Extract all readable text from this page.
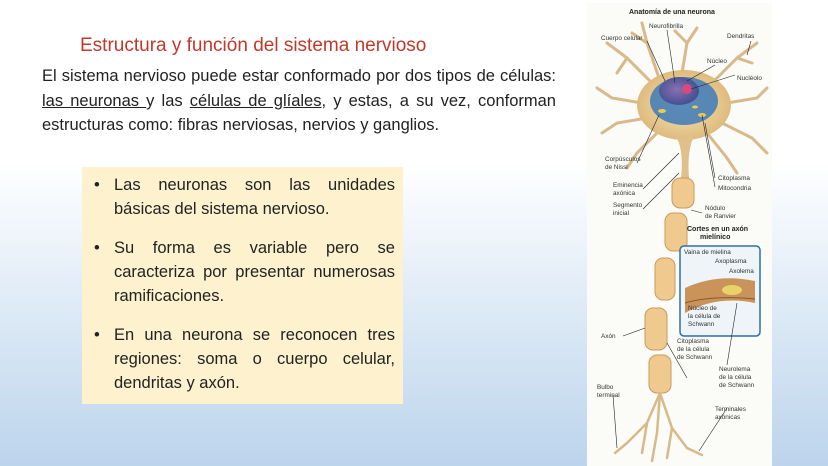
Estructura y función del sistema nervioso
El sistema nervioso puede estar conformado por dos tipos de células: las neuronas y las células de glíales, y estas, a su vez, conforman estructuras como: fibras nerviosas, nervios y ganglios.
• Las neuronas son las unidades básicas del sistema nervioso.
• Su forma es variable pero se caracteriza por presentar numerosas ramificaciones.
• En una neurona se reconocen tres regiones: soma o cuerpo celular, dendritas y axón.
Anatomía de una neurona
Neurofibrilla
Cuerpo celular	Dendritas
Núcleo
Nucléolo
Corpúsculos
de Nissl
Citoplasma
Mitocondria
Eminencia
axónica
Segmento
inicial
Nódulo
de Ranvier
Cortes en un axón
mielínico
Vaina de mielina
Axoplasma
Axolema
Núcleo de
la célula de
Schwann
Axón
Citoplasma
de la célula
de Schwann
Neurolema
de la célula
de Schwann
Bulbo
terminal
Terminales
axónicas
